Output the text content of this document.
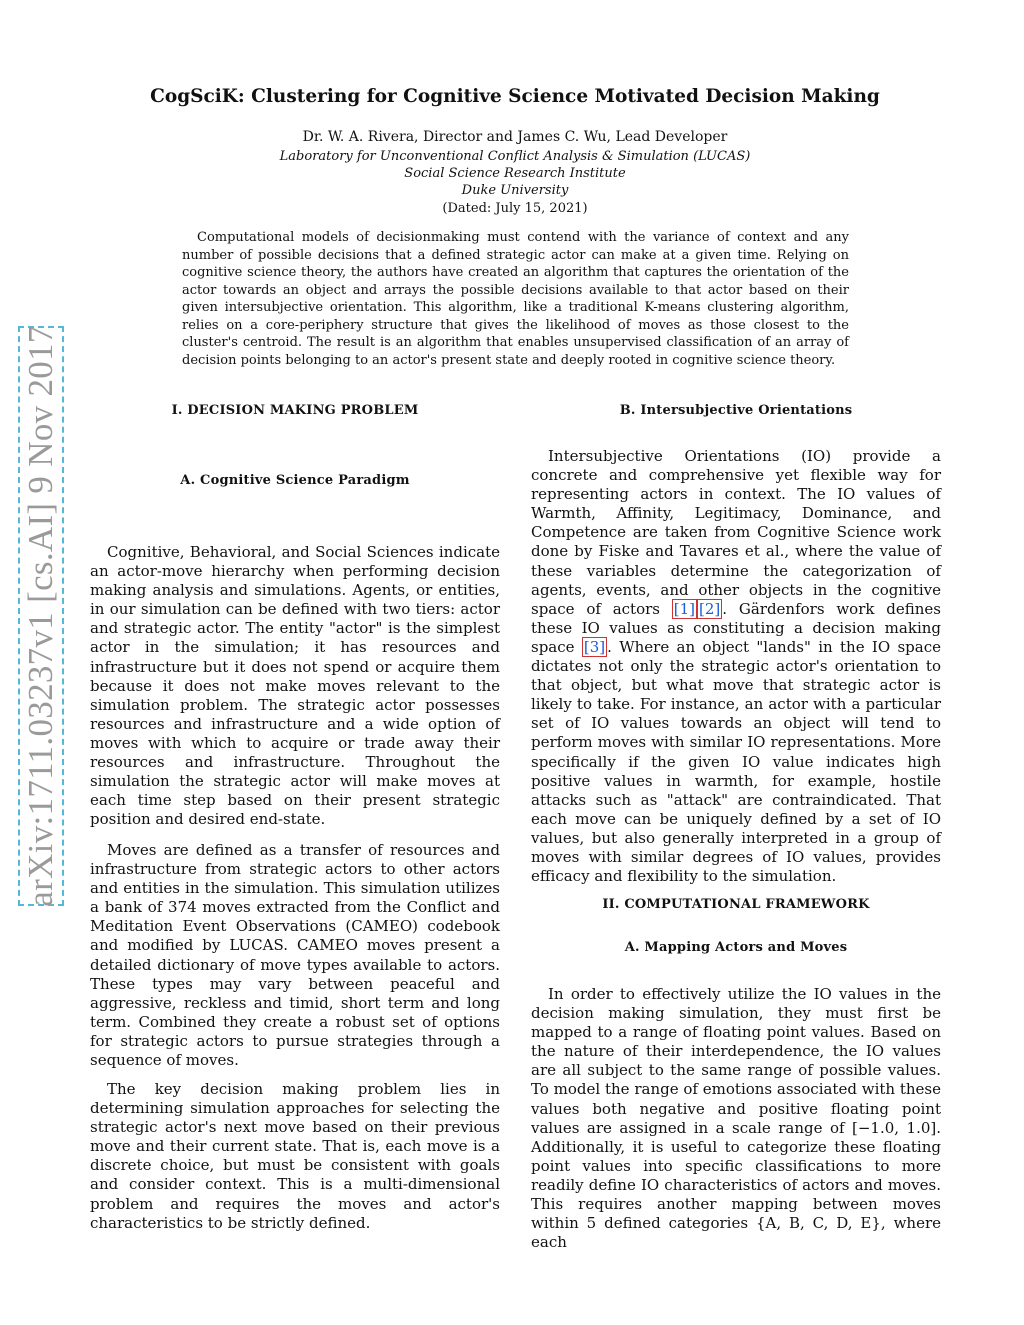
arXiv:1711.03237v1 [cs.AI] 9 Nov 2017
CogSciK: Clustering for Cognitive Science Motivated Decision Making
Dr. W. A. Rivera, Director and James C. Wu, Lead Developer
Laboratory for Unconventional Conflict Analysis & Simulation (LUCAS)
Social Science Research Institute
Duke University
(Dated: July 15, 2021)

Computational models of decisionmaking must contend with the variance of context and any number of possible decisions that a defined strategic actor can make at a given time. Relying on cognitive science theory, the authors have created an algorithm that captures the orientation of the actor towards an object and arrays the possible decisions available to that actor based on their given intersubjective orientation. This algorithm, like a traditional K-means clustering algorithm, relies on a core-periphery structure that gives the likelihood of moves as those closest to the cluster's centroid. The result is an algorithm that enables unsupervised classification of an array of decision points belonging to an actor's present state and deeply rooted in cognitive science theory.

I. DECISION MAKING PROBLEM
A. Cognitive Science Paradigm

Cognitive, Behavioral, and Social Sciences indicate an actor-move hierarchy when performing decision making analysis and simulations. Agents, or entities, in our simulation can be defined with two tiers: actor and strategic actor. The entity "actor" is the simplest actor in the simulation; it has resources and infrastructure but it does not spend or acquire them because it does not make moves relevant to the simulation problem. The strategic actor possesses resources and infrastructure and a wide option of moves with which to acquire or trade away their resources and infrastructure. Throughout the simulation the strategic actor will make moves at each time step based on their present strategic position and desired end-state.

Moves are defined as a transfer of resources and infrastructure from strategic actors to other actors and entities in the simulation. This simulation utilizes a bank of 374 moves extracted from the Conflict and Meditation Event Observations (CAMEO) codebook and modified by LUCAS. CAMEO moves present a detailed dictionary of move types available to actors. These types may vary between peaceful and aggressive, reckless and timid, short term and long term. Combined they create a robust set of options for strategic actors to pursue strategies through a sequence of moves.

The key decision making problem lies in determining simulation approaches for selecting the strategic actor's next move based on their previous move and their current state. That is, each move is a discrete choice, but must be consistent with goals and consider context. This is a multi-dimensional problem and requires the moves and actor's characteristics to be strictly defined.

B. Intersubjective Orientations

Intersubjective Orientations (IO) provide a concrete and comprehensive yet flexible way for representing actors in context. The IO values of Warmth, Affinity, Legitimacy, Dominance, and Competence are taken from Cognitive Science work done by Fiske and Tavares et al., where the value of these variables determine the categorization of agents, events, and other objects in the cognitive space of actors [1] [2] . Gärdenfors work defines these IO values as constituting a decision making space [3] . Where an object "lands" in the IO space dictates not only the strategic actor's orientation to that object, but what move that strategic actor is likely to take. For instance, an actor with a particular set of IO values towards an object will tend to perform moves with similar IO representations. More specifically if the given IO value indicates high positive values in warmth, for example, hostile attacks such as "attack" are contraindicated. That each move can be uniquely defined by a set of IO values, but also generally interpreted in a group of moves with similar degrees of IO values, provides efficacy and flexibility to the simulation.

II. COMPUTATIONAL FRAMEWORK
A. Mapping Actors and Moves

In order to effectively utilize the IO values in the decision making simulation, they must first be mapped to a range of floating point values. Based on the nature of their interdependence, the IO values are all subject to the same range of possible values. To model the range of emotions associated with these values both negative and positive floating point values are assigned in a scale range of [−1.0, 1.0]. Additionally, it is useful to categorize these floating point values into specific classifications to more readily define IO characteristics of actors and moves. This requires another mapping between moves within 5 defined categories {A, B, C, D, E}, where each
